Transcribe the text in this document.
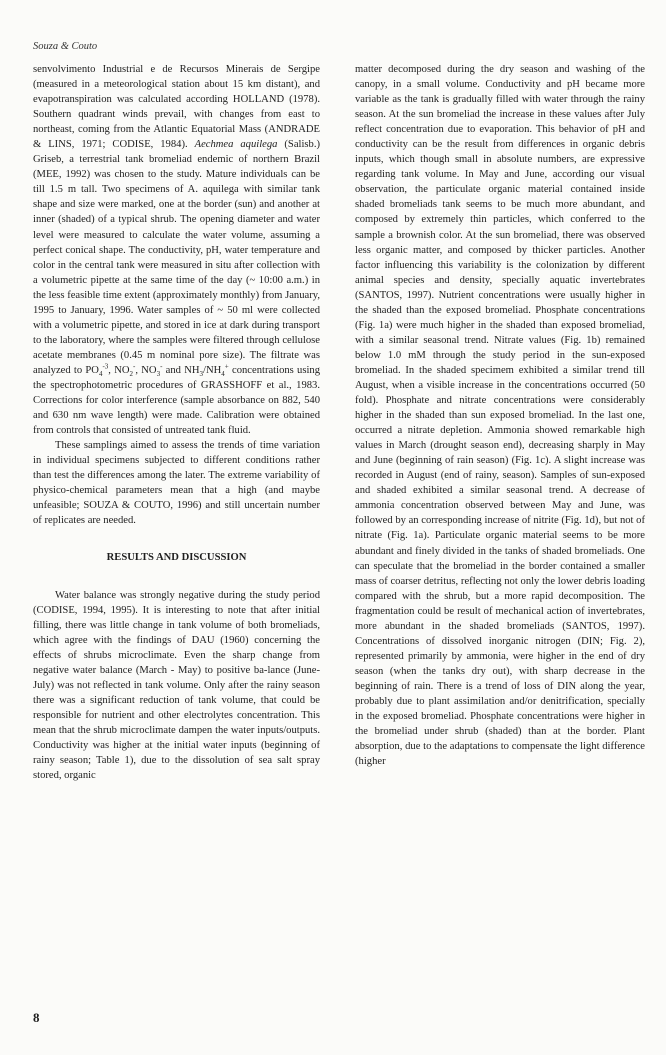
Souza & Couto

senvolvimento Industrial e de Recursos Minerais de Sergipe (measured in a meteorological station about 15 km distant), and evapotranspiration was calculated according HOLLAND (1978). Southern quadrant winds prevail, with changes from east to northeast, coming from the Atlantic Equatorial Mass (ANDRADE & LINS, 1971; CODISE, 1984). Aechmea aquilega (Salisb.) Griseb, a terrestrial tank bromeliad endemic of northern Brazil (MEE, 1992) was chosen to the study. Mature individuals can be till 1.5 m tall. Two specimens of A. aquilega with similar tank shape and size were marked, one at the border (sun) and another at inner (shaded) of a typical shrub. The opening diameter and water level were measured to calculate the water volume, assuming a perfect conical shape. The conductivity, pH, water temperature and color in the central tank were measured in situ after collection with a volumetric pipette at the same time of the day (~ 10:00 a.m.) in the less feasible time extent (approximately monthly) from January, 1995 to January, 1996. Water samples of ~ 50 ml were collected with a volumetric pipette, and stored in ice at dark during transport to the laboratory, where the samples were filtered through cellulose acetate membranes (0.45 m nominal pore size). The filtrate was analyzed to $PO_4^{-3}$, $NO_2^-$, $NO_3^-$ and $NH_3/NH_4^+$ concentrations using the spectrophotometric procedures of GRASSHOFF et al., 1983. Corrections for color interference (sample absorbance on 882, 540 and 630 nm wave length) were made. Calibration were obtained from controls that consisted of untreated tank fluid.

These samplings aimed to assess the trends of time variation in individual specimens subjected to different conditions rather than test the differences among the later. The extreme variability of physico-chemical parameters mean that a high (and maybe unfeasible; SOUZA & COUTO, 1996) and still uncertain number of replicates are needed.

RESULTS AND DISCUSSION

Water balance was strongly negative during the study period (CODISE, 1994, 1995). It is interesting to note that after initial filling, there was little change in tank volume of both bromeliads, which agree with the findings of DAU (1960) concerning the effects of shrubs microclimate. Even the sharp change from negative water balance (March - May) to positive ba-lance (June-July) was not reflected in tank volume. Only after the rainy season there was a significant reduction of tank volume, that could be responsible for nutrient and other electrolytes concentration. This mean that the shrub microclimate dampen the water inputs/outputs. Conductivity was higher at the initial water inputs (beginning of rainy season; Table 1), due to the dissolution of sea salt spray stored, organic

matter decomposed during the dry season and washing of the canopy, in a small volume. Conductivity and pH became more variable as the tank is gradually filled with water through the rainy season. At the sun bromeliad the increase in these values after July reflect concentration due to evaporation. This behavior of pH and conductivity can be the result from differences in organic debris inputs, which though small in absolute numbers, are expressive regarding tank volume. In May and June, according our visual observation, the particulate organic material contained inside shaded bromeliads tank seems to be much more abundant, and composed by extremely thin particles, which conferred to the sample a brownish color. At the sun bromeliad, there was observed less organic matter, and composed by thicker particles. Another factor influencing this variability is the colonization by different animal species and density, specially aquatic invertebrates (SANTOS, 1997). Nutrient concentrations were usually higher in the shaded than the exposed bromeliad. Phosphate concentrations (Fig. 1a) were much higher in the shaded than exposed bromeliad, with a similar seasonal trend. Nitrate values (Fig. 1b) remained below 1.0 mM through the study period in the sun-exposed bromeliad. In the shaded specimem exhibited a similar trend till August, when a visible increase in the concentrations occurred (50 fold). Phosphate and nitrate concentrations were considerably higher in the shaded than sun exposed bromeliad. In the last one, occurred a nitrate depletion. Ammonia showed remarkable high values in March (drought season end), decreasing sharply in May and June (beginning of rain season) (Fig. 1c). A slight increase was recorded in August (end of rainy, season). Samples of sun-exposed and shaded exhibited a similar seasonal trend. A decrease of ammonia concentration observed between May and June, was followed by an corresponding increase of nitrite (Fig. 1d), but not of nitrate (Fig. 1a). Particulate organic material seems to be more abundant and finely divided in the tanks of shaded bromeliads. One can speculate that the bromeliad in the border contained a smaller mass of coarser detritus, reflecting not only the lower debris loading compared with the shrub, but a more rapid decomposition. The fragmentation could be result of mechanical action of invertebrates, more abundant in the shaded bromeliads (SANTOS, 1997). Concentrations of dissolved inorganic nitrogen (DIN; Fig. 2), represented primarily by ammonia, were higher in the end of dry season (when the tanks dry out), with sharp decrease in the beginning of rain. There is a trend of loss of DIN along the year, probably due to plant assimilation and/or denitrification, specially in the exposed bromeliad. Phosphate concentrations were higher in the bromeliad under shrub (shaded) than at the border. Plant absorption, due to the adaptations to compensate the light difference (higher

8
